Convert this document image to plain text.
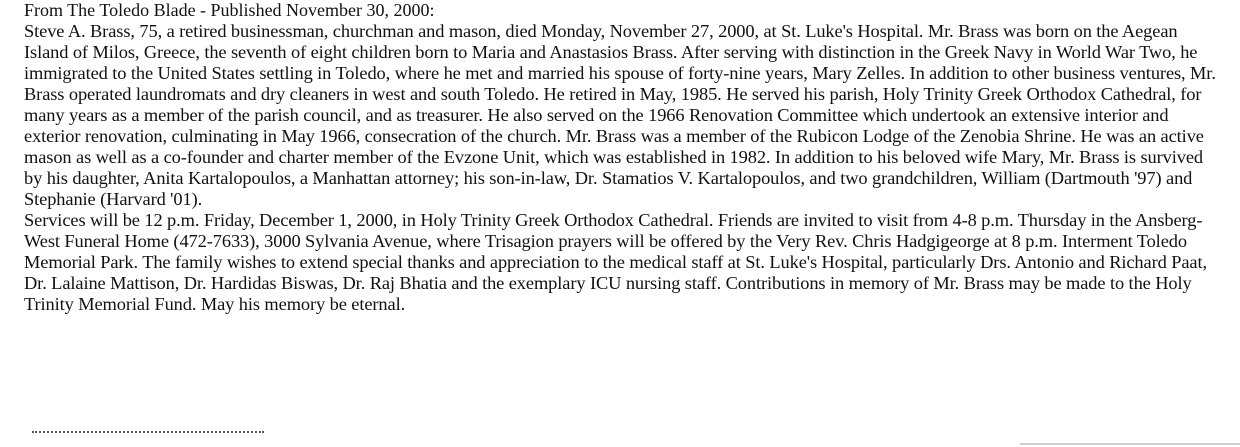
From The Toledo Blade - Published November 30, 2000:

Steve A. Brass, 75, a retired businessman, churchman and mason, died Monday, November 27, 2000, at St. Luke's Hospital. Mr. Brass was born on the Aegean Island of Milos, Greece, the seventh of eight children born to Maria and Anastasios Brass. After serving with distinction in the Greek Navy in World War Two, he immigrated to the United States settling in Toledo, where he met and married his spouse of forty-nine years, Mary Zelles. In addition to other business ventures, Mr. Brass operated laundromats and dry cleaners in west and south Toledo. He retired in May, 1985. He served his parish, Holy Trinity Greek Orthodox Cathedral, for many years as a member of the parish council, and as treasurer. He also served on the 1966 Renovation Committee which undertook an extensive interior and exterior renovation, culminating in May 1966, consecration of the church. Mr. Brass was a member of the Rubicon Lodge of the Zenobia Shrine. He was an active mason as well as a co-founder and charter member of the Evzone Unit, which was established in 1982. In addition to his beloved wife Mary, Mr. Brass is survived by his daughter, Anita Kartalopoulos, a Manhattan attorney; his son-in-law, Dr. Stamatios V. Kartalopoulos, and two grandchildren, William (Dartmouth '97) and Stephanie (Harvard '01).

Services will be 12 p.m. Friday, December 1, 2000, in Holy Trinity Greek Orthodox Cathedral. Friends are invited to visit from 4-8 p.m. Thursday in the Ansberg-West Funeral Home (472-7633), 3000 Sylvania Avenue, where Trisagion prayers will be offered by the Very Rev. Chris Hadgigeorge at 8 p.m. Interment Toledo Memorial Park. The family wishes to extend special thanks and appreciation to the medical staff at St. Luke's Hospital, particularly Drs. Antonio and Richard Paat, Dr. Lalaine Mattison, Dr. Hardidas Biswas, Dr. Raj Bhatia and the exemplary ICU nursing staff. Contributions in memory of Mr. Brass may be made to the Holy Trinity Memorial Fund. May his memory be eternal.
